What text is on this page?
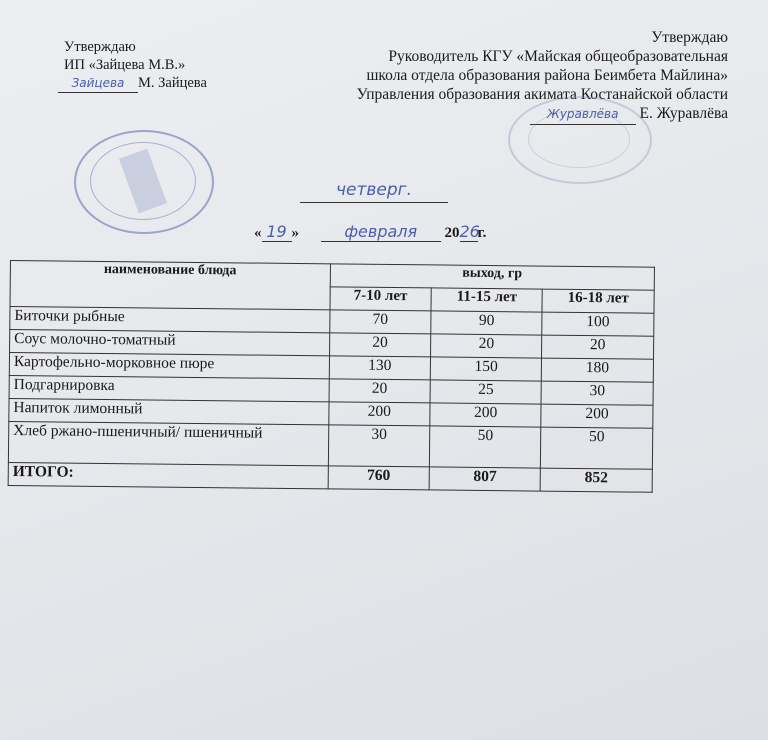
Утверждаю
ИП «Зайцева М.В.»
Зайцева М. Зайцева
Утверждаю
Руководитель КГУ «Майская общеобразовательная
школа отдела образования района Беимбета Майлина»
Управления образования акимата Костанайской области
Журавлёва Е. Журавлёва
четверг.
« 19 »	февраля 2026г.
наименование блюда	выход, гр		
	7-10 лет	11-15 лет	16-18 лет
Биточки рыбные	70	90	100
Соус молочно-томатный	20	20	20
Картофельно-морковное пюре	130	150	180
Подгарнировка	20	25	30
Напиток лимонный	200	200	200
Хлеб ржано-пшеничный/ пшеничный	30	50	50
ИТОГО:	760	807	852
